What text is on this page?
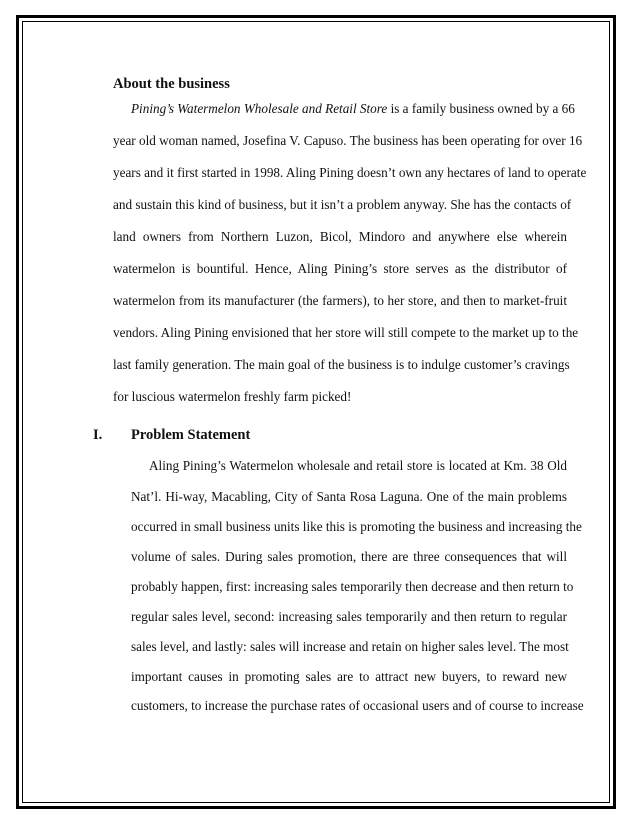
About the business
Pining’s Watermelon Wholesale and Retail Store is a family business owned by a 66
year old woman named, Josefina V. Capuso. The business has been operating for over 16
years and it first started in 1998. Aling Pining doesn’t own any hectares of land to operate
and sustain this kind of business, but it isn’t a problem anyway. She has the contacts of
land owners from Northern Luzon, Bicol, Mindoro and anywhere else wherein
watermelon is bountiful. Hence, Aling Pining’s store serves as the distributor of
watermelon from its manufacturer (the farmers), to her store, and then to market-fruit
vendors. Aling Pining envisioned that her store will still compete to the market up to the
last family generation. The main goal of the business is to indulge customer’s cravings
for luscious watermelon freshly farm picked!
I. Problem Statement
Aling Pining’s Watermelon wholesale and retail store is located at Km. 38 Old
Nat’l. Hi-way, Macabling, City of Santa Rosa Laguna. One of the main problems
occurred in small business units like this is promoting the business and increasing the
volume of sales. During sales promotion, there are three consequences that will
probably happen, first: increasing sales temporarily then decrease and then return to
regular sales level, second: increasing sales temporarily and then return to regular
sales level, and lastly: sales will increase and retain on higher sales level. The most
important causes in promoting sales are to attract new buyers, to reward new
customers, to increase the purchase rates of occasional users and of course to increase
